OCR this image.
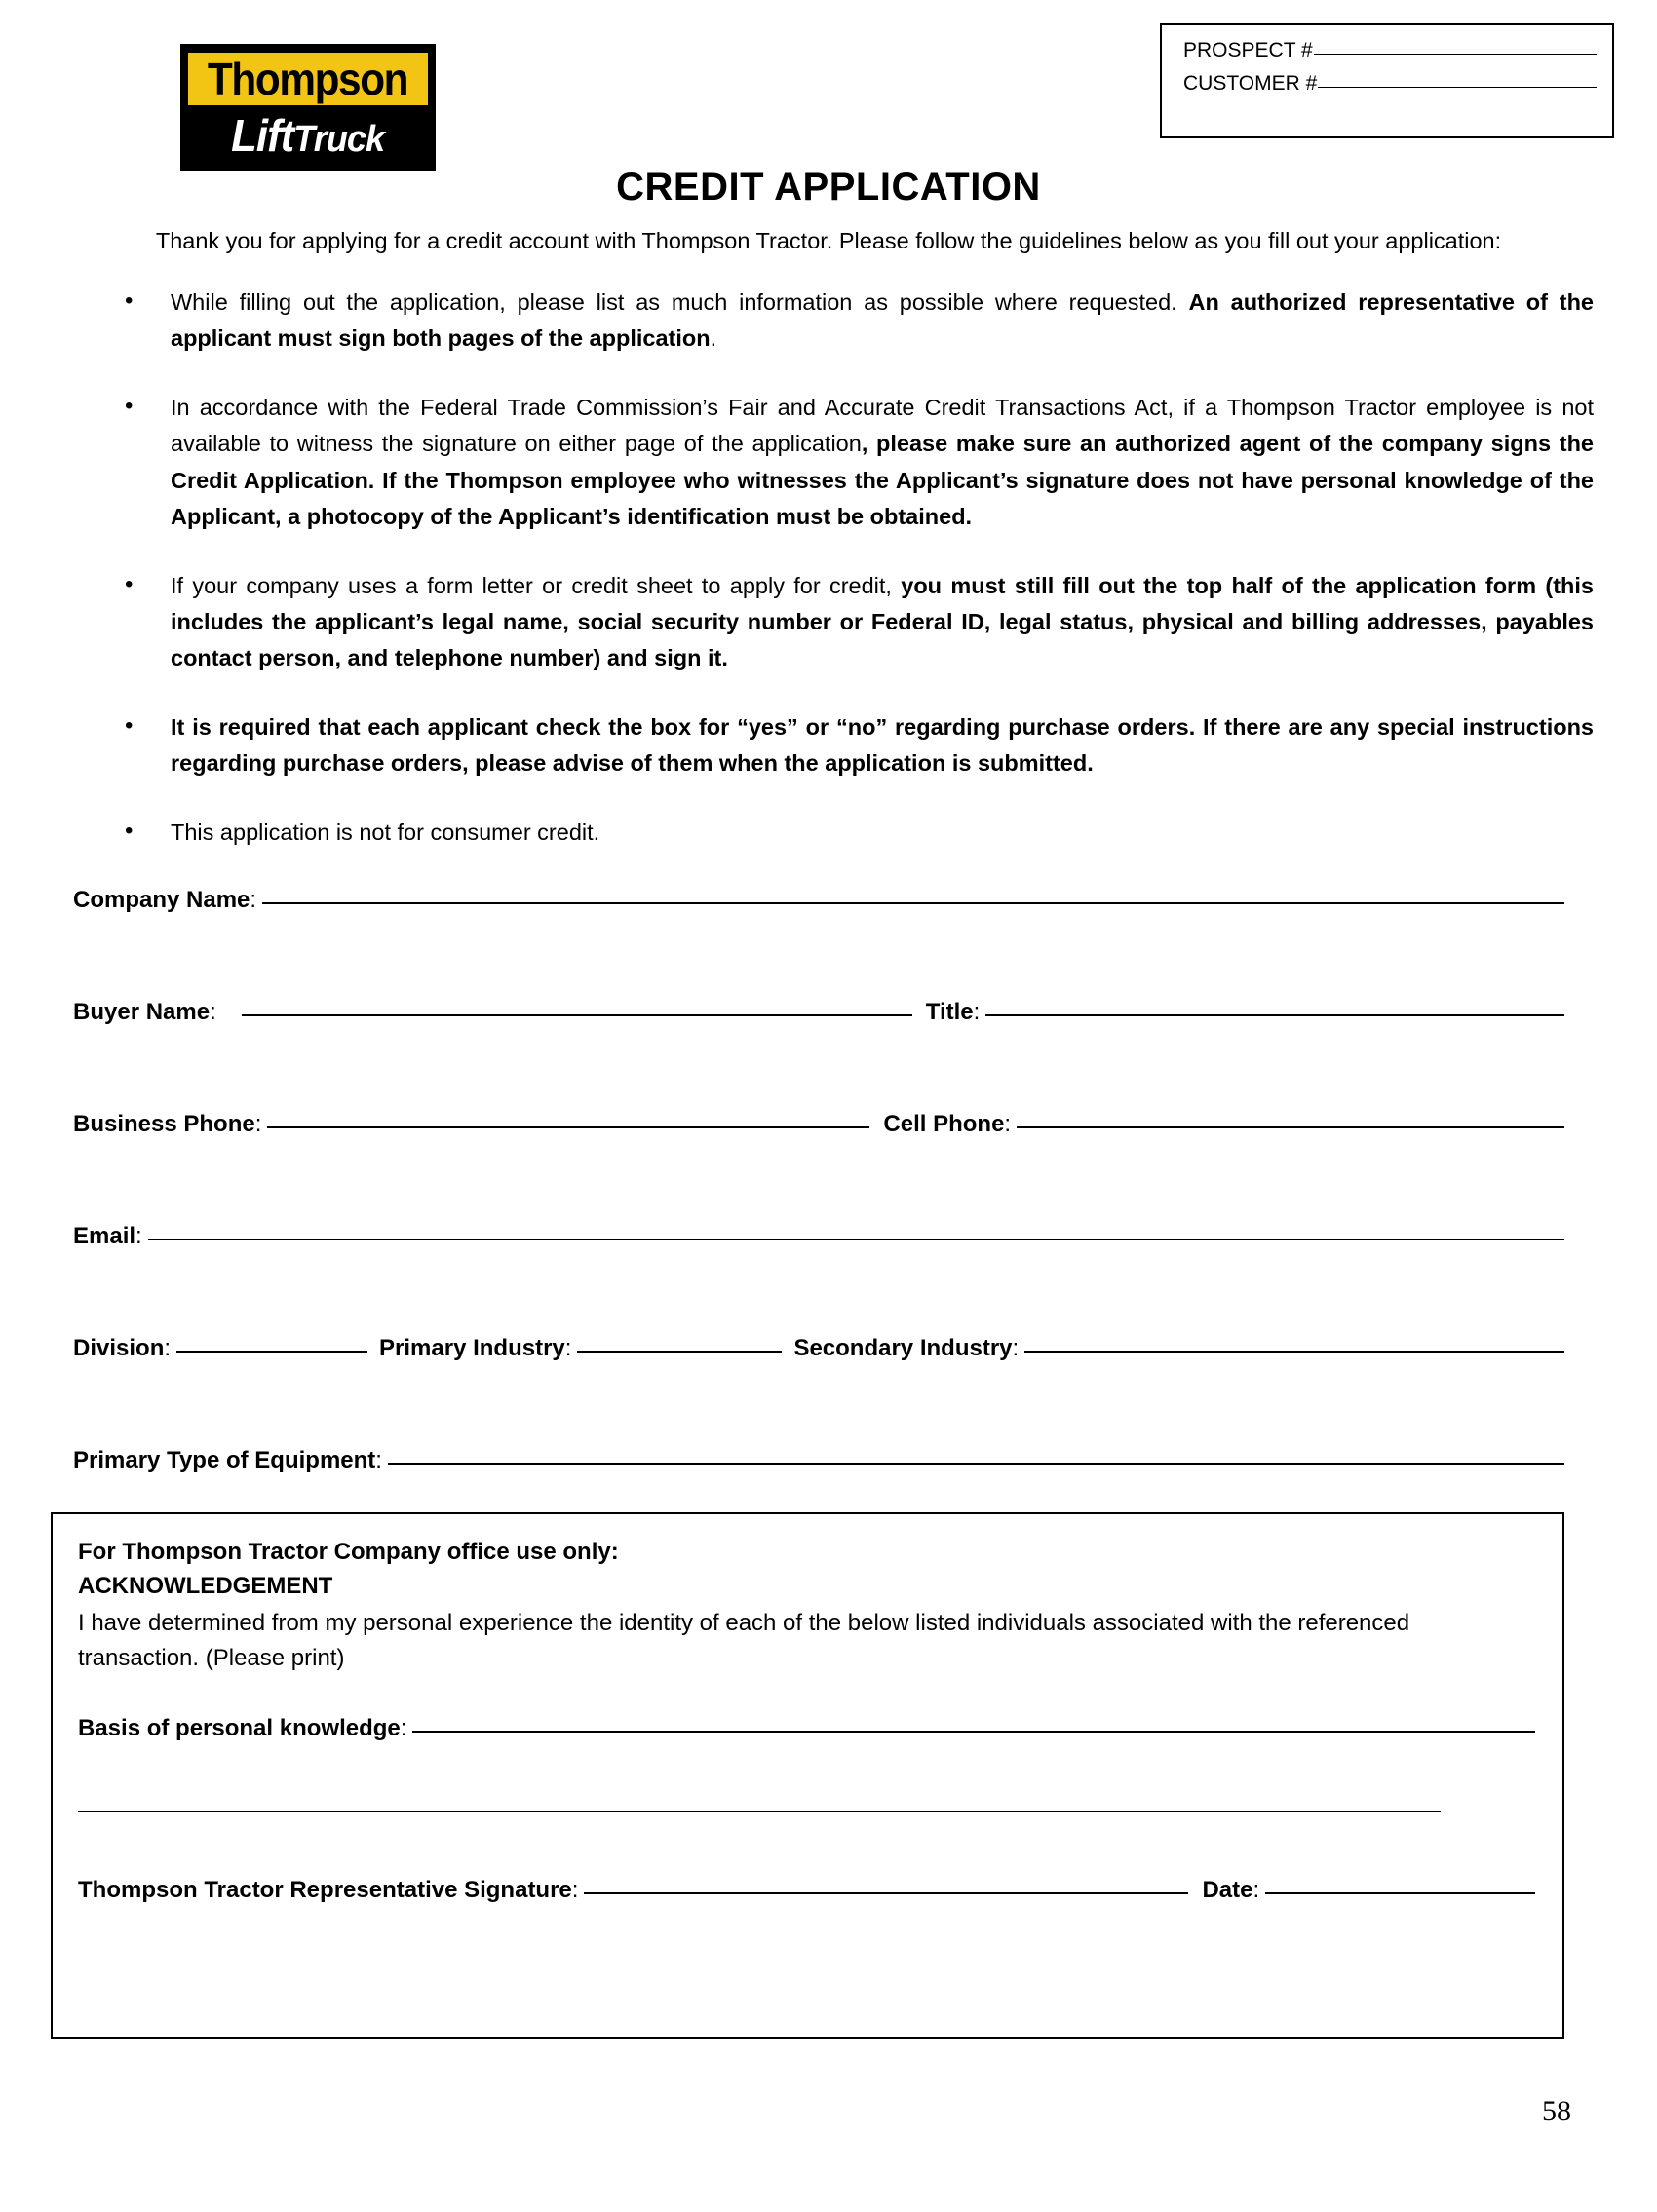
Thompson
LiftTruck
PROSPECT #
CUSTOMER #
CREDIT APPLICATION
Thank you for applying for a credit account with Thompson Tractor. Please follow the guidelines below as you fill out your application:
• While filling out the application, please list as much information as possible where requested. An authorized representative of the applicant must sign both pages of the application.
• In accordance with the Federal Trade Commission’s Fair and Accurate Credit Transactions Act, if a Thompson Tractor employee is not available to witness the signature on either page of the application, please make sure an authorized agent of the company signs the Credit Application. If the Thompson employee who witnesses the Applicant’s signature does not have personal knowledge of the Applicant, a photocopy of the Applicant’s identification must be obtained.
• If your company uses a form letter or credit sheet to apply for credit, you must still fill out the top half of the application form (this includes the applicant’s legal name, social security number or Federal ID, legal status, physical and billing addresses, payables contact person, and telephone number) and sign it.
• It is required that each applicant check the box for “yes” or “no” regarding purchase orders. If there are any special instructions regarding purchase orders, please advise of them when the application is submitted.
• This application is not for consumer credit.
Company Name:
Buyer Name:	Title:
Business Phone:	Cell Phone:
Email:
Division:	Primary Industry:	Secondary Industry:
Primary Type of Equipment:
For Thompson Tractor Company office use only:
ACKNOWLEDGEMENT
I have determined from my personal experience the identity of each of the below listed individuals associated with the referenced transaction. (Please print)
Basis of personal knowledge:
Thompson Tractor Representative Signature:	Date:
58
